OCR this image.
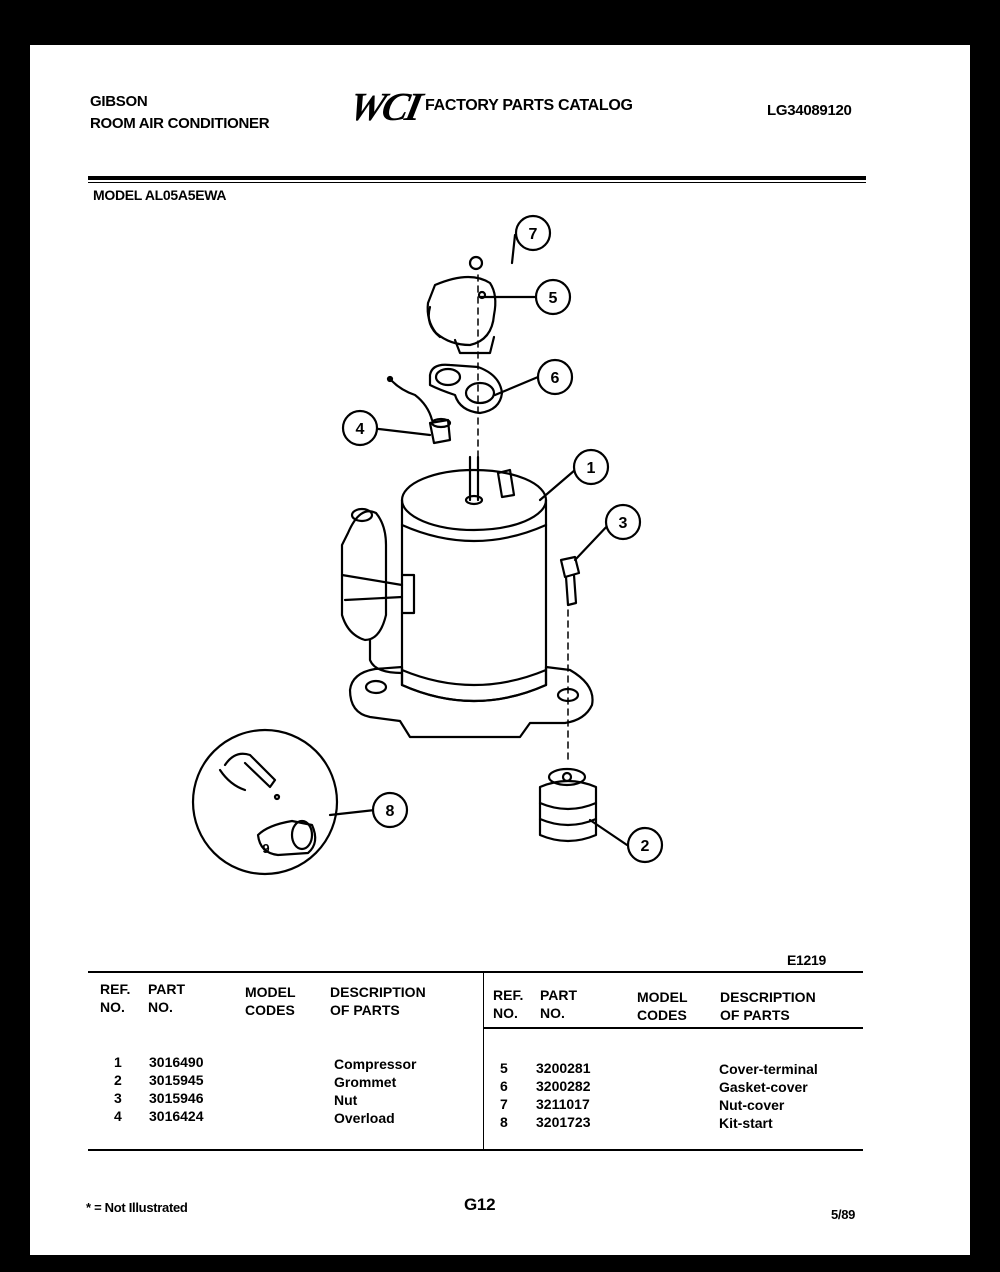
GIBSON
ROOM AIR CONDITIONER WCI FACTORY PARTS CATALOG	LG34089120
MODEL AL05A5EWA
7
5
6
4
1
3
2
8
9
E1219
REF.
NO.
PART
NO.
MODEL
CODES
DESCRIPTION
OF PARTS
REF.
NO.
PART
NO.
MODEL
CODES
DESCRIPTION
OF PARTS
1
2
3
4
3016490
3015945
3015946
3016424
Compressor
Grommet
Nut
Overload
5
6
7
8
3200281
3200282
3211017
3201723
Cover-terminal
Gasket-cover
Nut-cover
Kit-start
* = Not Illustrated	G12
5/89
